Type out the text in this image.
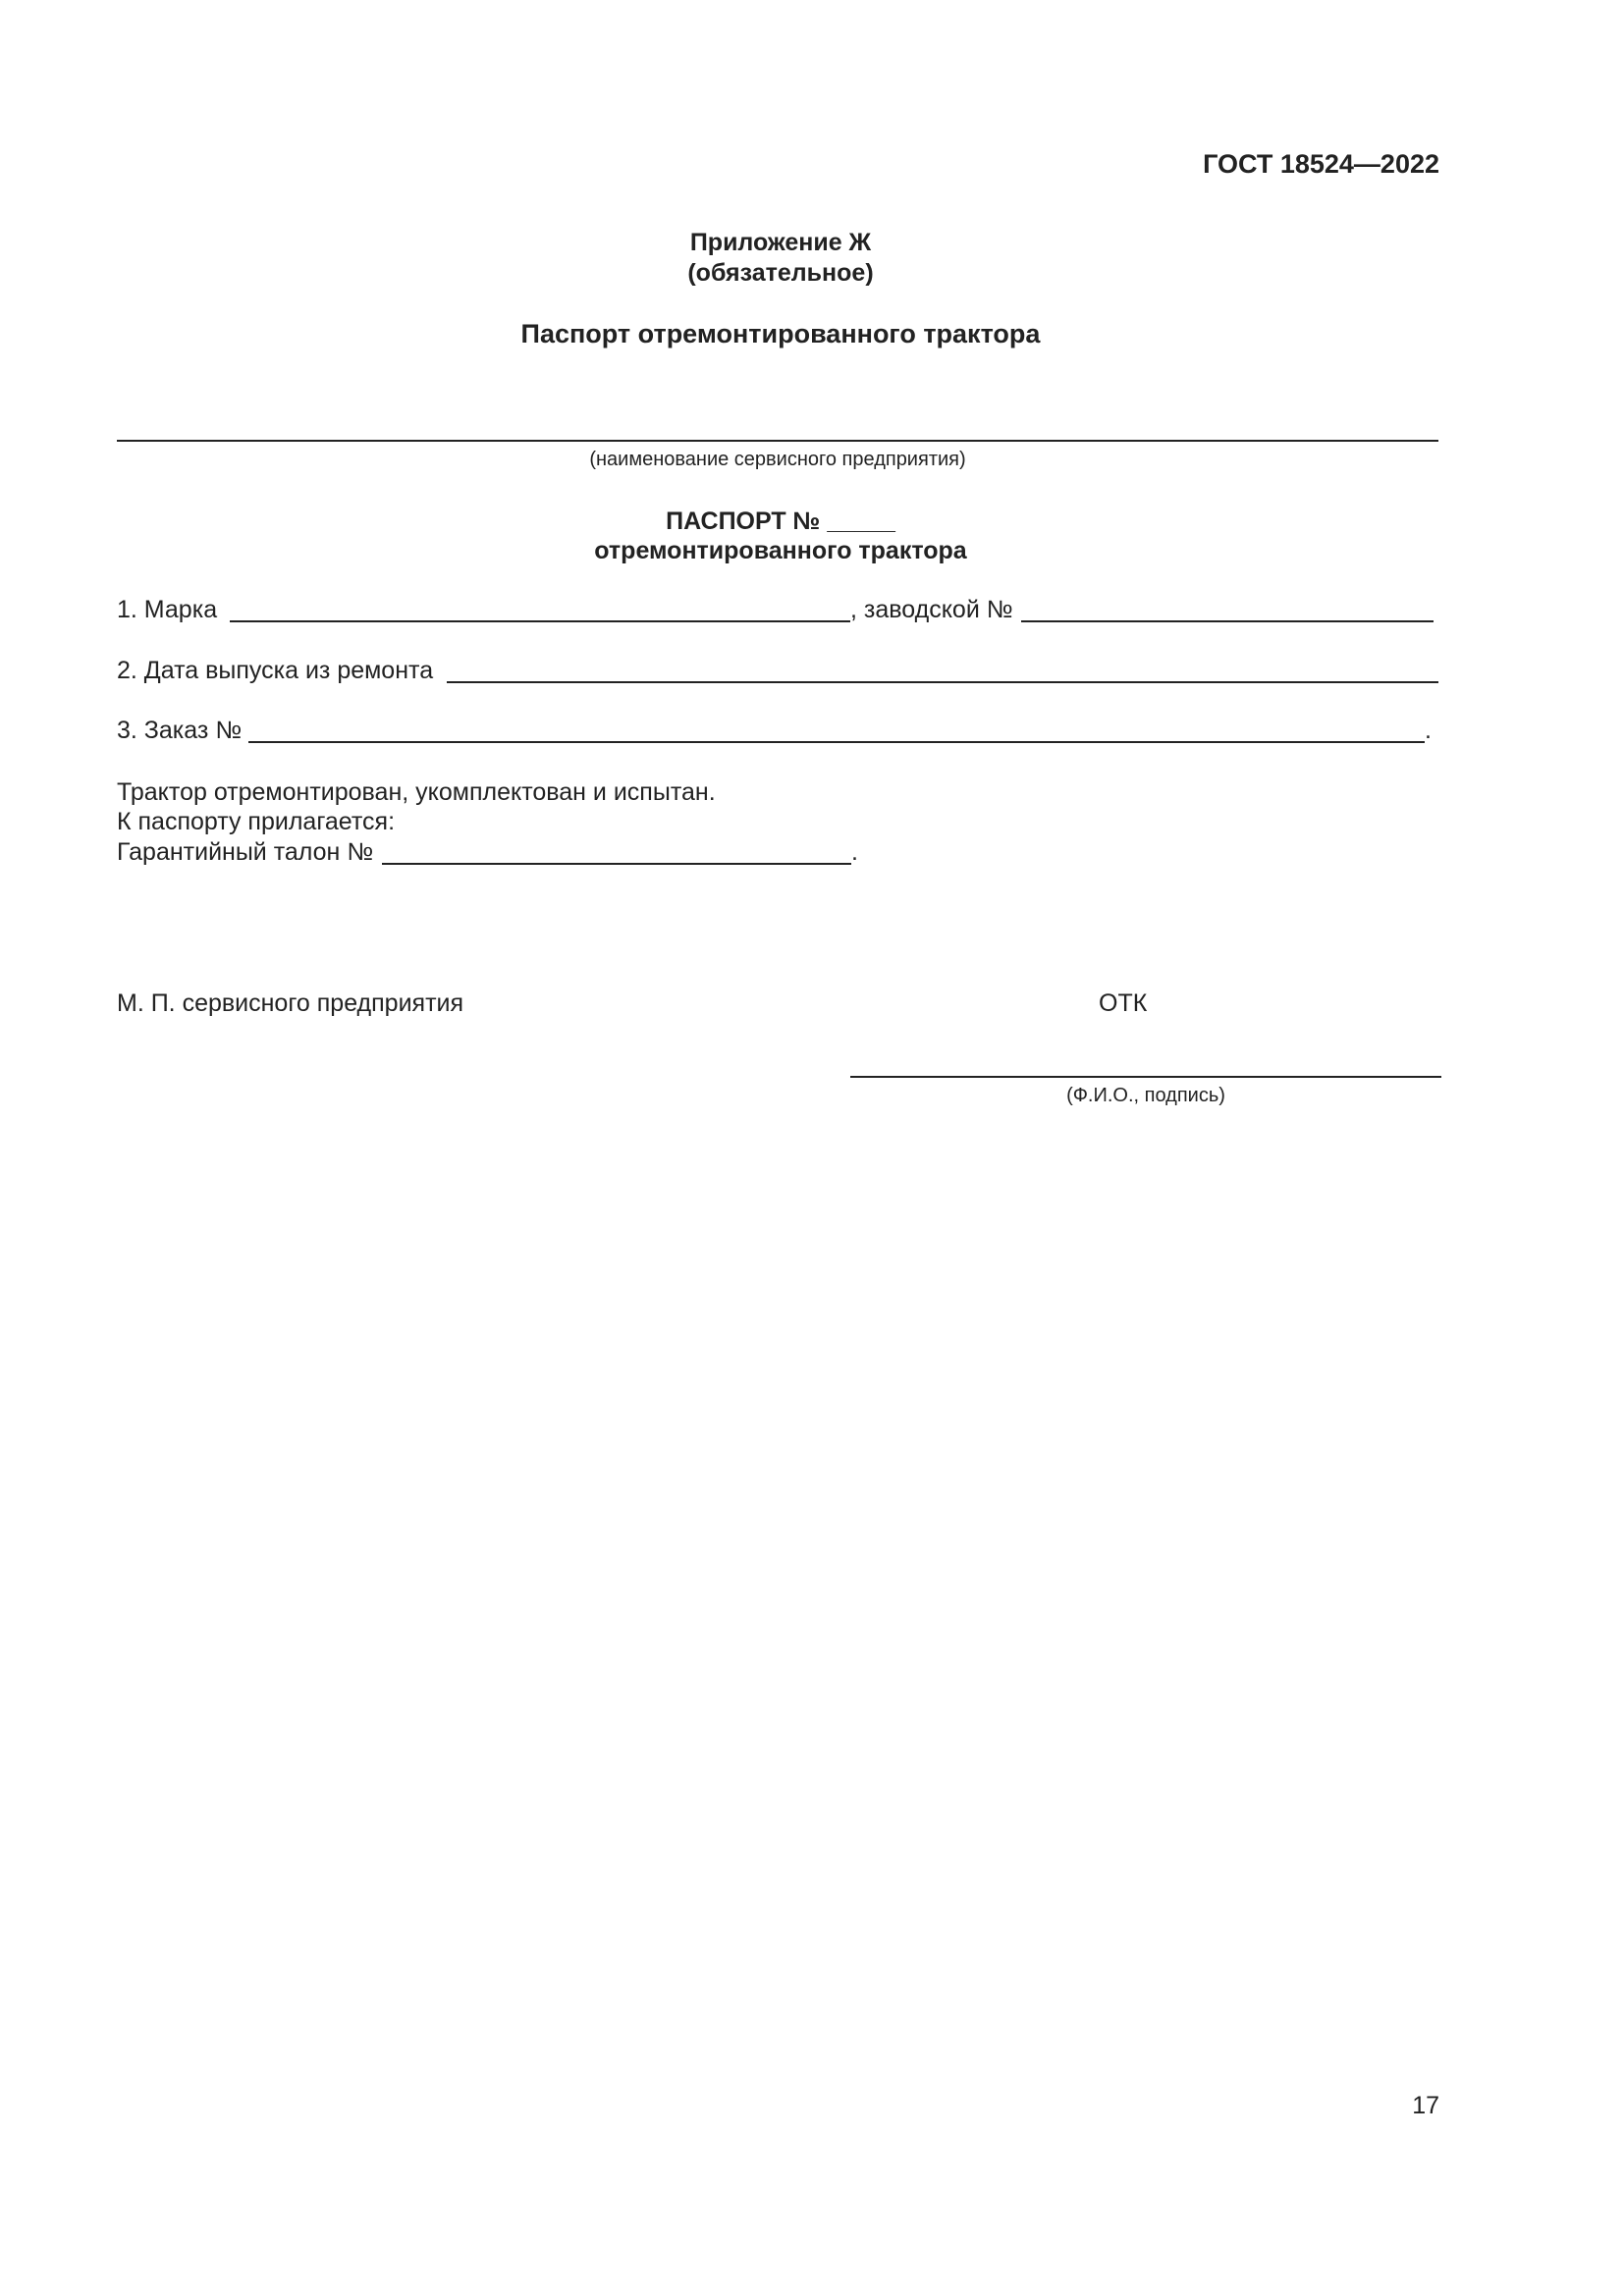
ГОСТ 18524—2022
Приложение Ж
(обязательное)
Паспорт отремонтированного трактора
(наименование сервисного предприятия)
ПАСПОРТ № _____
отремонтированного трактора
1. Марка	, заводской №
2. Дата выпуска из ремонта
3. Заказ №	.
Трактор отремонтирован, укомплектован и испытан.
К паспорту прилагается:
Гарантийный талон №	.
М. П. сервисного предприятия	ОТК
(Ф.И.О., подпись)
17
